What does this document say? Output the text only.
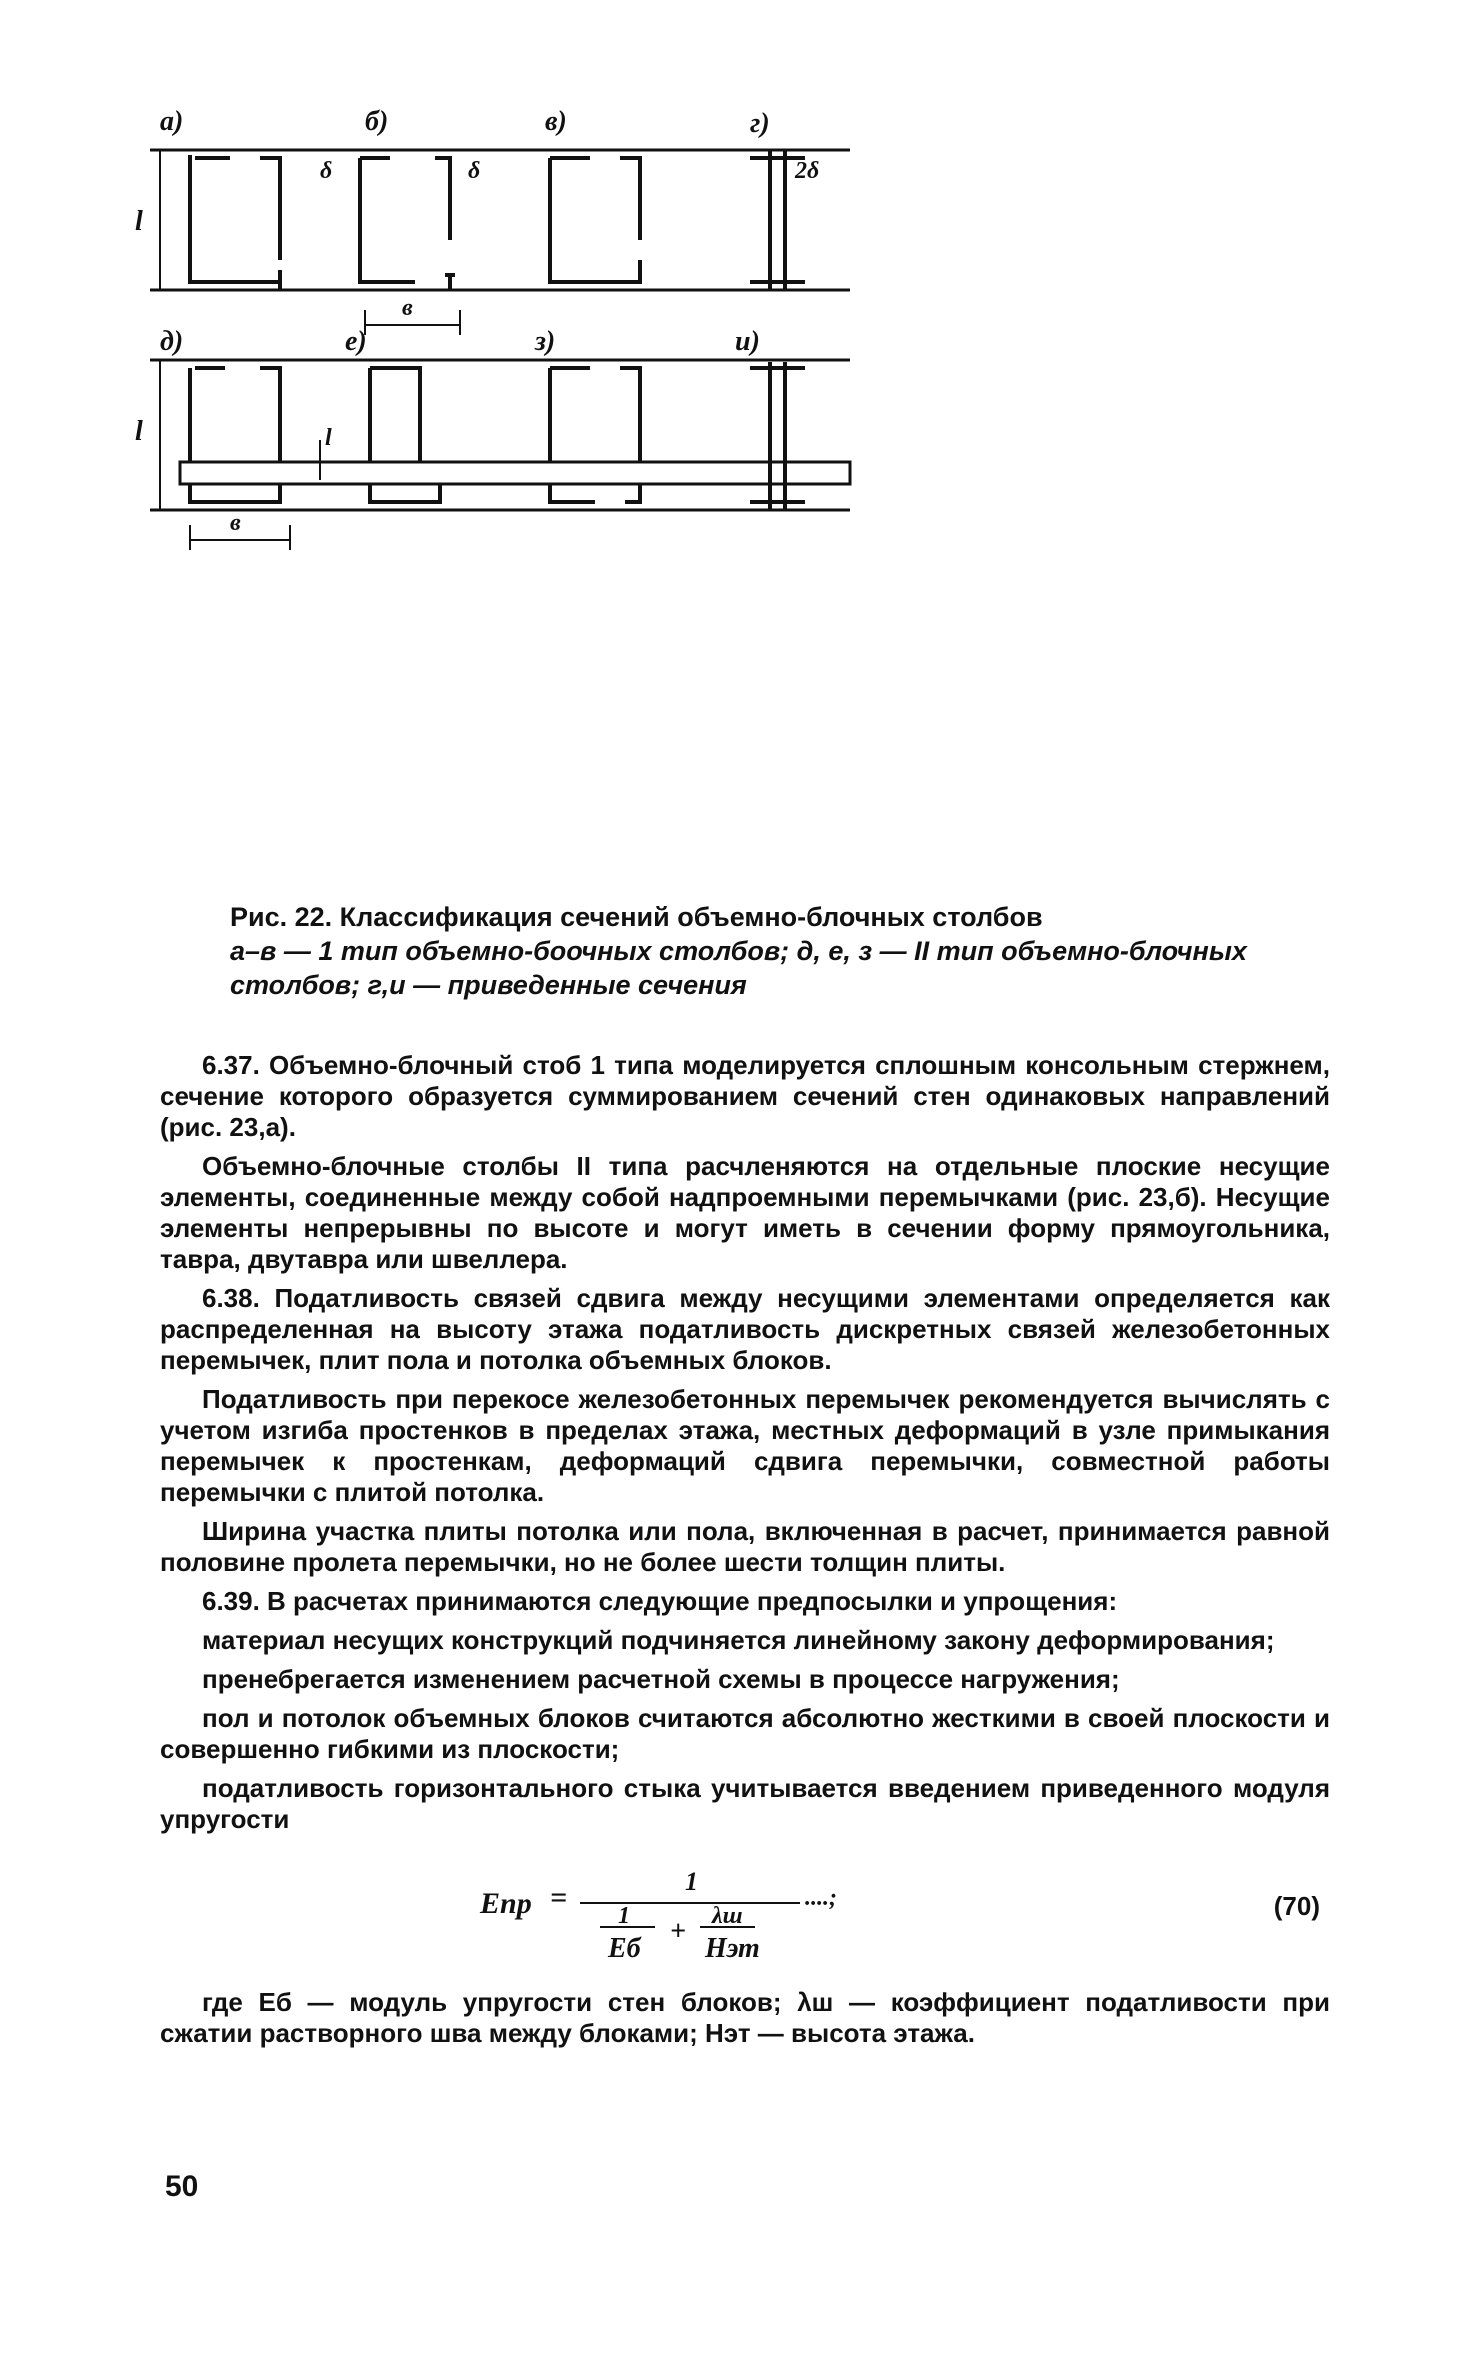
а)	б)	в)	г)
δ	δ	2δ
в
l
д)	е)	з)	и)
l
в
l

Рис. 22. Классификация сечений объемно-блочных столбов

а–в — 1 тип объемно-боочных столбов; д, е, з — II тип объемно-блочных столбов; г,и — приведенные сечения

6.37. Объемно-блочный стоб 1 типа моделируется сплошным консольным стержнем, сечение которого образуется суммированием сечений стен одинаковых направлений (рис. 23,а).

Объемно-блочные столбы II типа расчленяются на отдельные плоские несущие элементы, соединенные между собой надпроемными перемычками (рис. 23,б). Несущие элементы непрерывны по высоте и могут иметь в сечении форму прямоугольника, тавра, двутавра или швеллера.

6.38. Податливость связей сдвига между несущими элементами определяется как распределенная на высоту этажа податливость дискретных связей железобетонных перемычек, плит пола и потолка объемных блоков.

Податливость при перекосе железобетонных перемычек рекомендуется вычислять с учетом изгиба простенков в пределах этажа, местных деформаций в узле примыкания перемычек к простенкам, деформаций сдвига перемычки, совместной работы перемычки с плитой потолка.

Ширина участка плиты потолка или пола, включенная в расчет, принимается равной половине пролета перемычки, но не более шести толщин плиты.

6.39. В расчетах принимаются следующие предпосылки и упрощения:

материал несущих конструкций подчиняется линейному закону деформирования;

пренебрегается изменением расчетной схемы в процессе нагружения;

пол и потолок объемных блоков считаются абсолютно жесткими в своей плоскости и совершенно гибкими из плоскости;

податливость горизонтального стыка учитывается введением приведенного модуля упругости

Eпр =	1
1
Eб
+ λш
Hэт
....;	(70)

где Eб — модуль упругости стен блоков; λш — коэффициент податливости при сжатии растворного шва между блоками; Hэт — высота этажа.

50
